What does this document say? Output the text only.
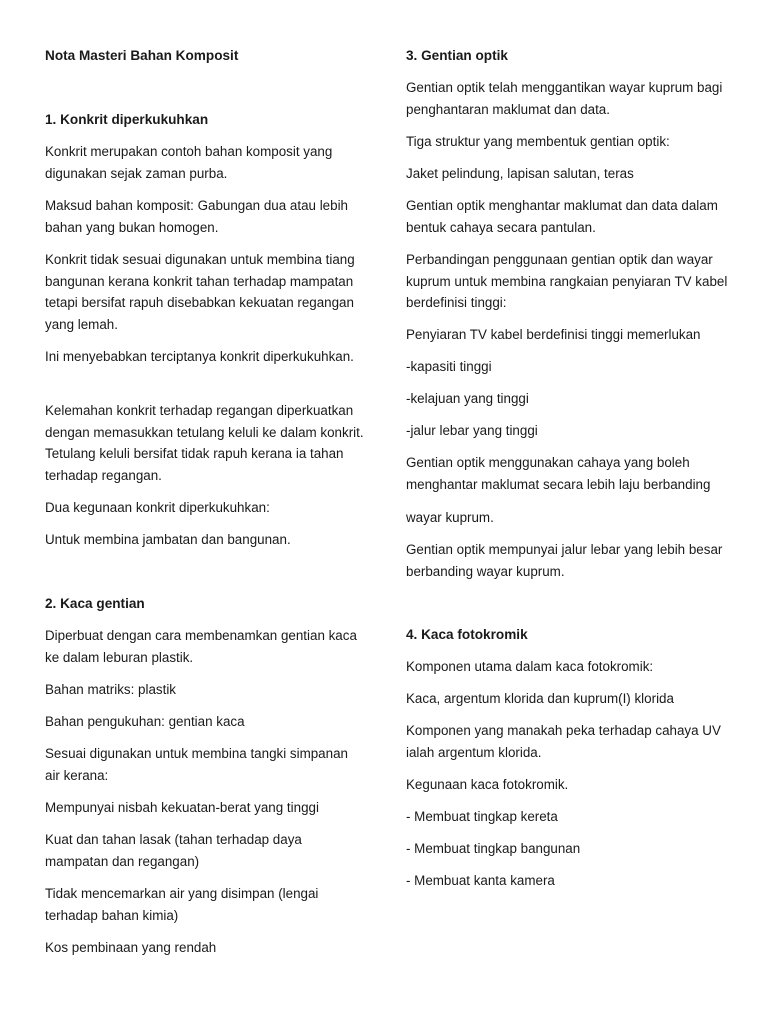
Nota Masteri Bahan Komposit
1. Konkrit diperkukuhkan

Konkrit merupakan contoh bahan komposit yang digunakan sejak zaman purba.

Maksud bahan komposit: Gabungan dua atau lebih bahan yang bukan homogen.

Konkrit tidak sesuai digunakan untuk membina tiang bangunan kerana konkrit tahan terhadap mampatan tetapi bersifat rapuh disebabkan kekuatan regangan yang lemah.

Ini menyebabkan terciptanya konkrit diperkukuhkan.

Kelemahan konkrit terhadap regangan diperkuatkan dengan memasukkan tetulang keluli ke dalam konkrit. Tetulang keluli bersifat tidak rapuh kerana ia tahan terhadap regangan.

Dua kegunaan konkrit diperkukuhkan:

Untuk membina jambatan dan bangunan.

2. Kaca gentian

Diperbuat dengan cara membenamkan gentian kaca ke dalam leburan plastik.

Bahan matriks: plastik

Bahan pengukuhan: gentian kaca

Sesuai digunakan untuk membina tangki simpanan air kerana:

Mempunyai nisbah kekuatan-berat yang tinggi

Kuat dan tahan lasak (tahan terhadap daya mampatan dan regangan)

Tidak mencemarkan air yang disimpan (lengai terhadap bahan kimia)

Kos pembinaan yang rendah

3. Gentian optik

Gentian optik telah menggantikan wayar kuprum bagi penghantaran maklumat dan data.

Tiga struktur yang membentuk gentian optik:

Jaket pelindung, lapisan salutan, teras

Gentian optik menghantar maklumat dan data dalam bentuk cahaya secara pantulan.

Perbandingan penggunaan gentian optik dan wayar kuprum untuk membina rangkaian penyiaran TV kabel berdefinisi tinggi:

Penyiaran TV kabel berdefinisi tinggi memerlukan

-kapasiti tinggi

-kelajuan yang tinggi

-jalur lebar yang tinggi

Gentian optik menggunakan cahaya yang boleh menghantar maklumat secara lebih laju berbanding

wayar kuprum.

Gentian optik mempunyai jalur lebar yang lebih besar berbanding wayar kuprum.

4. Kaca fotokromik

Komponen utama dalam kaca fotokromik:

Kaca, argentum klorida dan kuprum(I) klorida

Komponen yang manakah peka terhadap cahaya UV ialah argentum klorida.

Kegunaan kaca fotokromik.

- Membuat tingkap kereta

- Membuat tingkap bangunan

- Membuat kanta kamera
